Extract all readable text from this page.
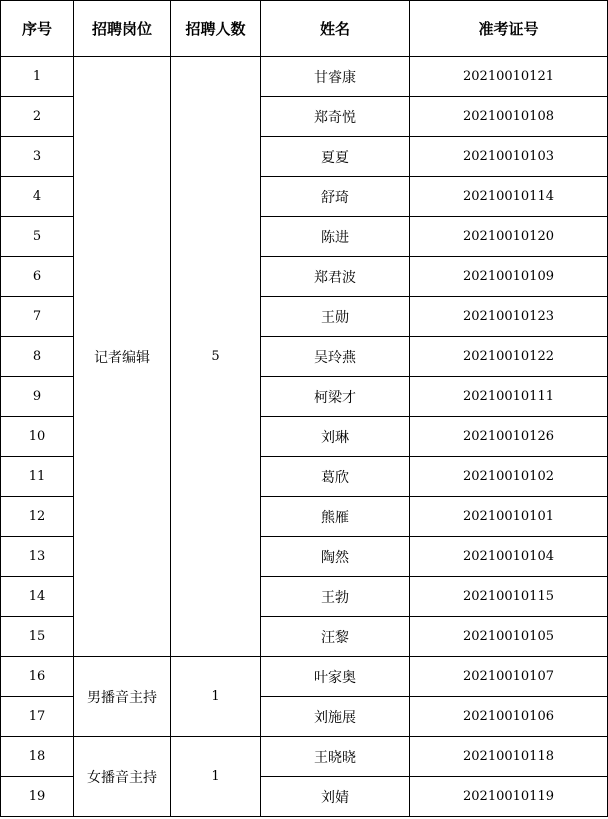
序号	招聘岗位	招聘人数	姓名	准考证号
1	记者编辑	5	甘睿康	20210010121
2			郑奇悦	20210010108
3			夏夏	20210010103
4			舒琦	20210010114
5			陈进	20210010120
6			郑君波	20210010109
7			王勋	20210010123
8			吴玲燕	20210010122
9			柯梁才	20210010111
10			刘琳	20210010126
11			葛欣	20210010102
12			熊雁	20210010101
13			陶然	20210010104
14			王勃	20210010115
15			汪黎	20210010105
16	男播音主持	1	叶家奥	20210010107
17			刘施展	20210010106
18	女播音主持	1	王晓晓	20210010118
19			刘婧	20210010119
